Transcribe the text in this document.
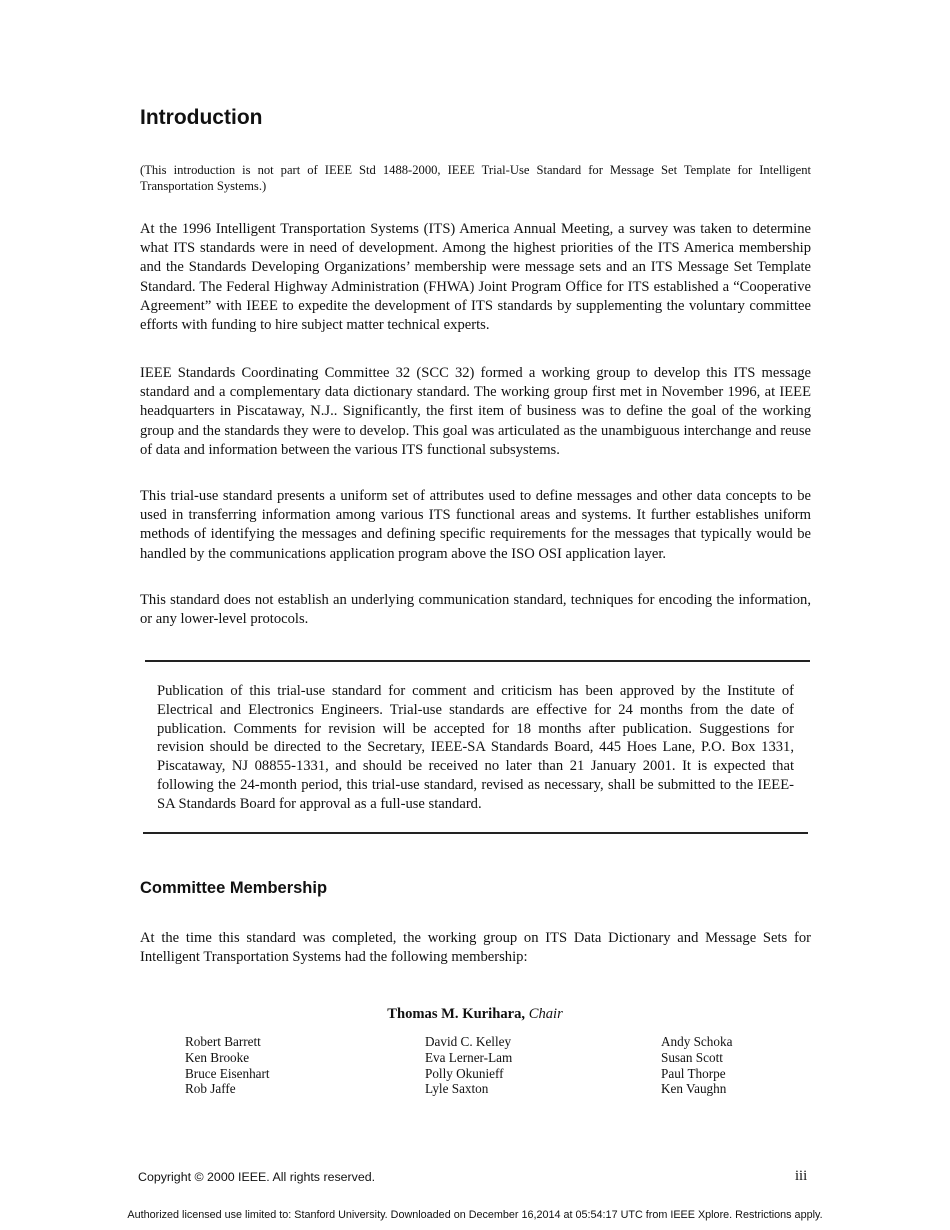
Introduction
(This introduction is not part of IEEE Std 1488-2000, IEEE Trial-Use Standard for Message Set Template for Intelligent Transportation Systems.)
At the 1996 Intelligent Transportation Systems (ITS) America Annual Meeting, a survey was taken to determine what ITS standards were in need of development. Among the highest priorities of the ITS America membership and the Standards Developing Organizations’ membership were message sets and an ITS Message Set Template Standard. The Federal Highway Administration (FHWA) Joint Program Office for ITS established a “Cooperative Agreement” with IEEE to expedite the development of ITS standards by supplementing the voluntary committee efforts with funding to hire subject matter technical experts.
IEEE Standards Coordinating Committee 32 (SCC 32) formed a working group to develop this ITS message standard and a complementary data dictionary standard. The working group first met in November 1996, at IEEE headquarters in Piscataway, N.J.. Significantly, the first item of business was to define the goal of the working group and the standards they were to develop. This goal was articulated as the unambiguous interchange and reuse of data and information between the various ITS functional subsystems.
This trial-use standard presents a uniform set of attributes used to define messages and other data concepts to be used in transferring information among various ITS functional areas and systems. It further establishes uniform methods of identifying the messages and defining specific requirements for the messages that typically would be handled by the communications application program above the ISO OSI application layer.
This standard does not establish an underlying communication standard, techniques for encoding the information, or any lower-level protocols.
Publication of this trial-use standard for comment and criticism has been approved by the Institute of Electrical and Electronics Engineers. Trial-use standards are effective for 24 months from the date of publication. Comments for revision will be accepted for 18 months after publication. Suggestions for revision should be directed to the Secretary, IEEE-SA Standards Board, 445 Hoes Lane, P.O. Box 1331, Piscataway, NJ 08855-1331, and should be received no later than 21 January 2001. It is expected that following the 24-month period, this trial-use standard, revised as necessary, shall be submitted to the IEEE-SA Standards Board for approval as a full-use standard.
Committee Membership
At the time this standard was completed, the working group on ITS Data Dictionary and Message Sets for Intelligent Transportation Systems had the following membership:
Thomas M. Kurihara, Chair
Robert Barrett
Ken Brooke
Bruce Eisenhart
Rob Jaffe
David C. Kelley
Eva Lerner-Lam
Polly Okunieff
Lyle Saxton
Andy Schoka
Susan Scott
Paul Thorpe
Ken Vaughn
Copyright © 2000 IEEE. All rights reserved.	iii
Authorized licensed use limited to: Stanford University. Downloaded on December 16,2014 at 05:54:17 UTC from IEEE Xplore. Restrictions apply.
